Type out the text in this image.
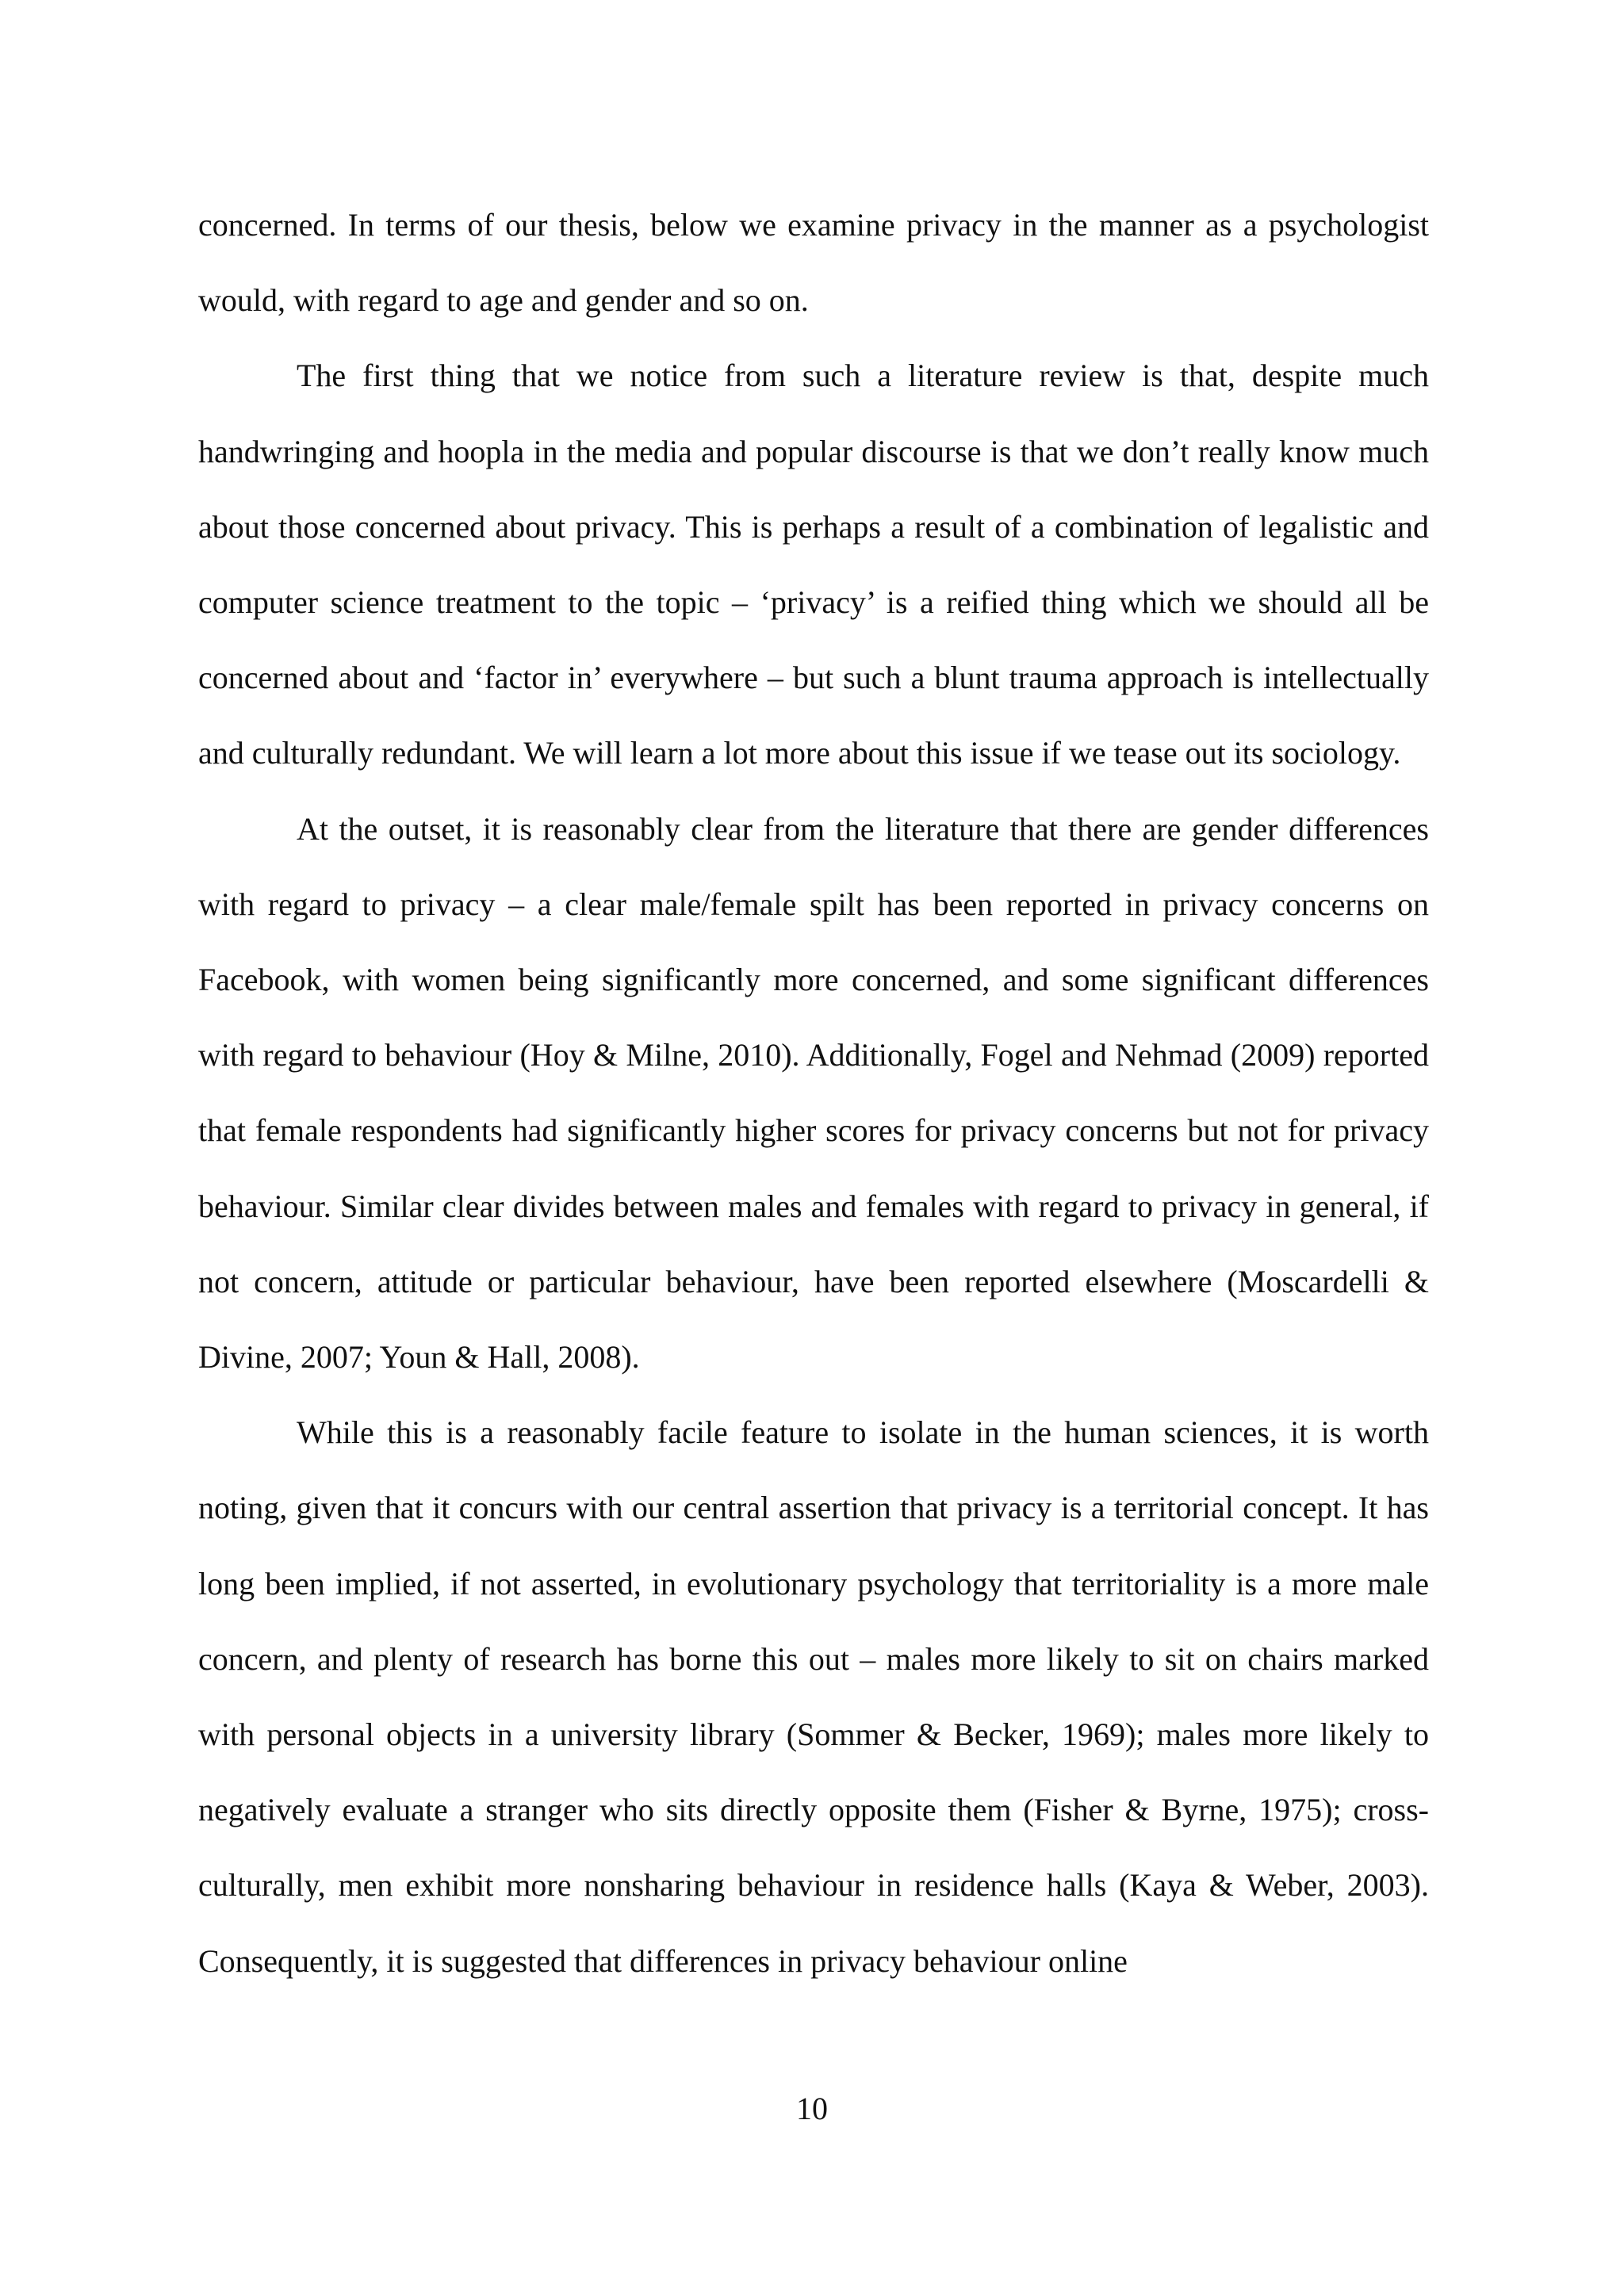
concerned. In terms of our thesis, below we examine privacy in the manner as a psychologist would, with regard to age and gender and so on.

The first thing that we notice from such a literature review is that, despite much handwringing and hoopla in the media and popular discourse is that we don’t really know much about those concerned about privacy. This is perhaps a result of a combination of legalistic and computer science treatment to the topic – ‘privacy’ is a reified thing which we should all be concerned about and ‘factor in’ everywhere – but such a blunt trauma approach is intellectually and culturally redundant. We will learn a lot more about this issue if we tease out its sociology.

At the outset, it is reasonably clear from the literature that there are gender differences with regard to privacy – a clear male/female spilt has been reported in privacy concerns on Facebook, with women being significantly more concerned, and some significant differences with regard to behaviour (Hoy & Milne, 2010). Additionally, Fogel and Nehmad (2009) reported that female respondents had significantly higher scores for privacy concerns but not for privacy behaviour. Similar clear divides between males and females with regard to privacy in general, if not concern, attitude or particular behaviour, have been reported elsewhere (Moscardelli & Divine, 2007; Youn & Hall, 2008).

While this is a reasonably facile feature to isolate in the human sciences, it is worth noting, given that it concurs with our central assertion that privacy is a territorial concept. It has long been implied, if not asserted, in evolutionary psychology that territoriality is a more male concern, and plenty of research has borne this out – males more likely to sit on chairs marked with personal objects in a university library (Sommer & Becker, 1969); males more likely to negatively evaluate a stranger who sits directly opposite them (Fisher & Byrne, 1975); cross-culturally, men exhibit more nonsharing behaviour in residence halls (Kaya & Weber, 2003). Consequently, it is suggested that differences in privacy behaviour online

10
